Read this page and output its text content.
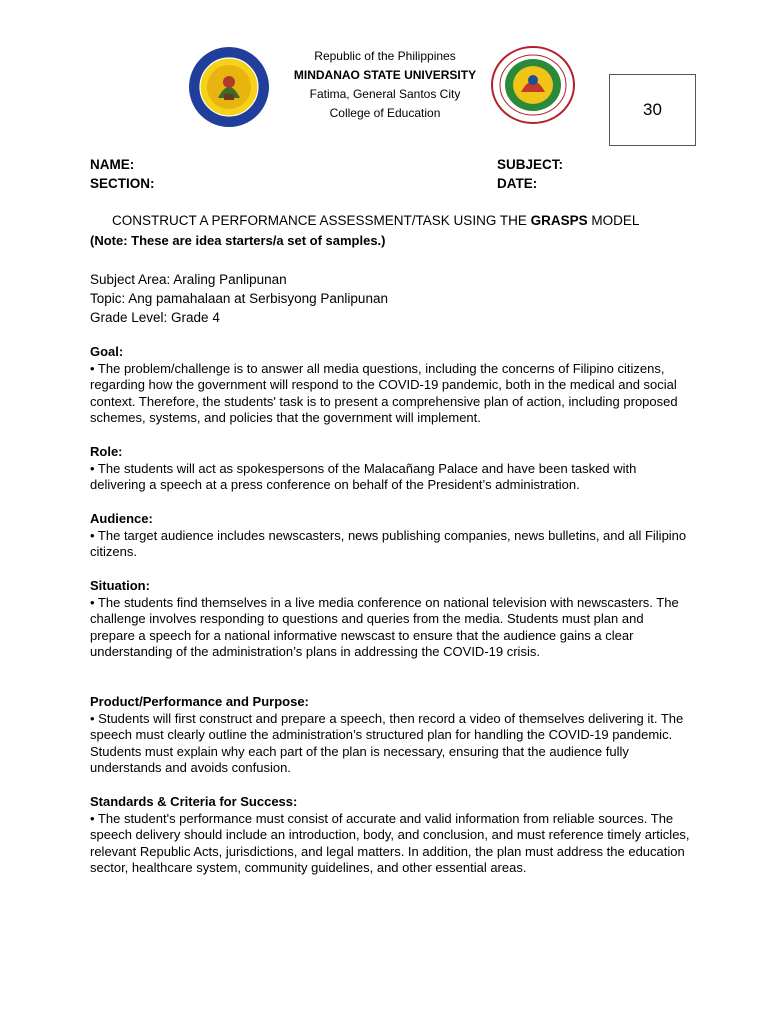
Republic of the Philippines
MINDANAO STATE UNIVERSITY
Fatima, General Santos City
College of Education	30
NAME:
SECTION:
SUBJECT:
DATE:
CONSTRUCT A PERFORMANCE ASSESSMENT/TASK USING THE GRASPS MODEL
(Note: These are idea starters/a set of samples.)
Subject Area: Araling Panlipunan
Topic: Ang pamahalaan at Serbisyong Panlipunan
Grade Level: Grade 4

Goal:

• The problem/challenge is to answer all media questions, including the concerns of Filipino citizens, regarding how the government will respond to the COVID-19 pandemic, both in the medical and social context. Therefore, the students' task is to present a comprehensive plan of action, including proposed schemes, systems, and policies that the government will implement.

Role:

• The students will act as spokespersons of the Malacañang Palace and have been tasked with delivering a speech at a press conference on behalf of the President’s administration.

Audience:

• The target audience includes newscasters, news publishing companies, news bulletins, and all Filipino citizens.

Situation:

• The students find themselves in a live media conference on national television with newscasters. The challenge involves responding to questions and queries from the media. Students must plan and prepare a speech for a national informative newscast to ensure that the audience gains a clear understanding of the administration’s plans in addressing the COVID-19 crisis.

Product/Performance and Purpose:

• Students will first construct and prepare a speech, then record a video of themselves delivering it. The speech must clearly outline the administration’s structured plan for handling the COVID-19 pandemic. Students must explain why each part of the plan is necessary, ensuring that the audience fully understands and avoids confusion.

Standards & Criteria for Success:

• The student's performance must consist of accurate and valid information from reliable sources. The speech delivery should include an introduction, body, and conclusion, and must reference timely articles, relevant Republic Acts, jurisdictions, and legal matters. In addition, the plan must address the education sector, healthcare system, community guidelines, and other essential areas.
